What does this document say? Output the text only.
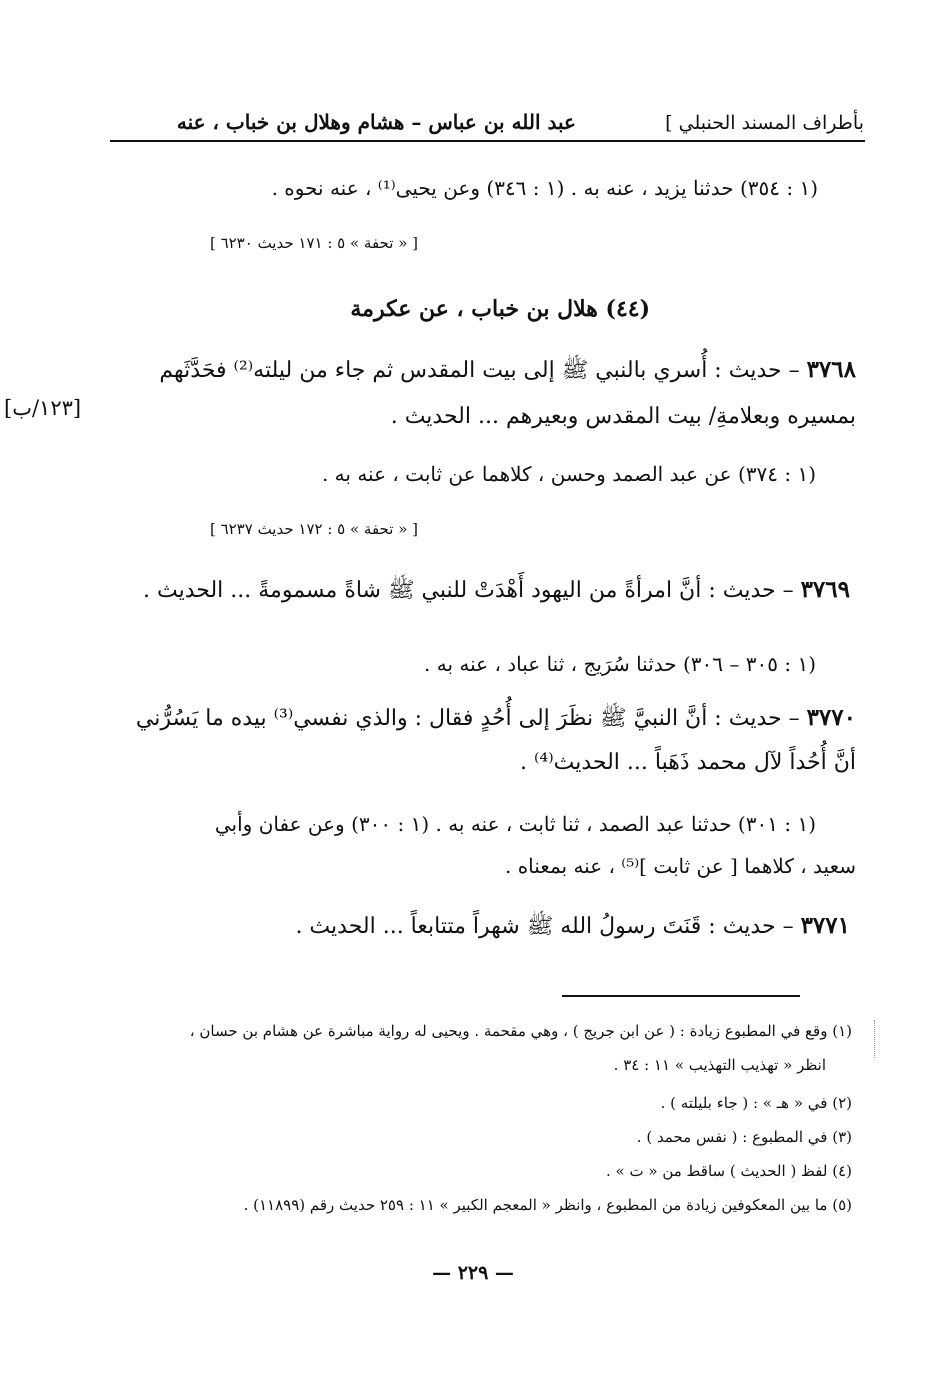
بأطراف المسند الحنبلي ]
عبد الله بن عباس – هشام وهلال بن خباب ، عنه
(١ : ٣٥٤) حدثنا يزيد ، عنه به . (١ : ٣٤٦) وعن يحيى⁽¹⁾ ، عنه نحوه .
[ « تحفة » ٥ : ١٧١ حديث ٦٢٣٠ ]
(٤٤) هلال بن خباب ، عن عكرمة
٣٧٦٨ – حديث : أُسري بالنبي ﷺ إلى بيت المقدس ثم جاء من ليلته⁽²⁾ فحَدَّثَهم
بمسيره وبعلامةِ/ بيت المقدس وبعيرهم ... الحديث .
[١٢٣/ب]
(١ : ٣٧٤) عن عبد الصمد وحسن ، كلاهما عن ثابت ، عنه به .
[ « تحفة » ٥ : ١٧٢ حديث ٦٢٣٧ ]
٣٧٦٩ – حديث : أنَّ امرأةً من اليهود أَهْدَتْ للنبي ﷺ شاةً مسمومةً ... الحديث .
(١ : ٣٠٥ – ٣٠٦) حدثنا سُرَيج ، ثنا عباد ، عنه به .
٣٧٧٠ – حديث : أنَّ النبيَّ ﷺ نظَرَ إلى أُحُدٍ فقال : والذي نفسي⁽³⁾ بيده ما يَسُرُّني
أنَّ أُحُداً لآل محمد ذَهَباً ... الحديث⁽⁴⁾ .
(١ : ٣٠١) حدثنا عبد الصمد ، ثنا ثابت ، عنه به . (١ : ٣٠٠) وعن عفان وأبي
سعيد ، كلاهما [ عن ثابت ]⁽⁵⁾ ، عنه بمعناه .
٣٧٧١ – حديث : قَنَتَ رسولُ الله ﷺ شهراً متتابعاً ... الحديث .
(١) وقع في المطبوع زيادة : ( عن ابن جريج ) ، وهي مقحمة . ويحيى له رواية مباشرة عن هشام بن حسان ،
انظر « تهذيب التهذيب » ١١ : ٣٤ .
(٢) في « هـ » : ( جاء بليلته ) .
(٣) في المطبوع : ( نفس محمد ) .
(٤) لفظ ( الحديث ) ساقط من « ت » .
(٥) ما بين المعكوفين زيادة من المطبوع ، وانظر « المعجم الكبير » ١١ : ٢٥٩ حديث رقم (١١٨٩٩) .
— ٢٢٩ —
